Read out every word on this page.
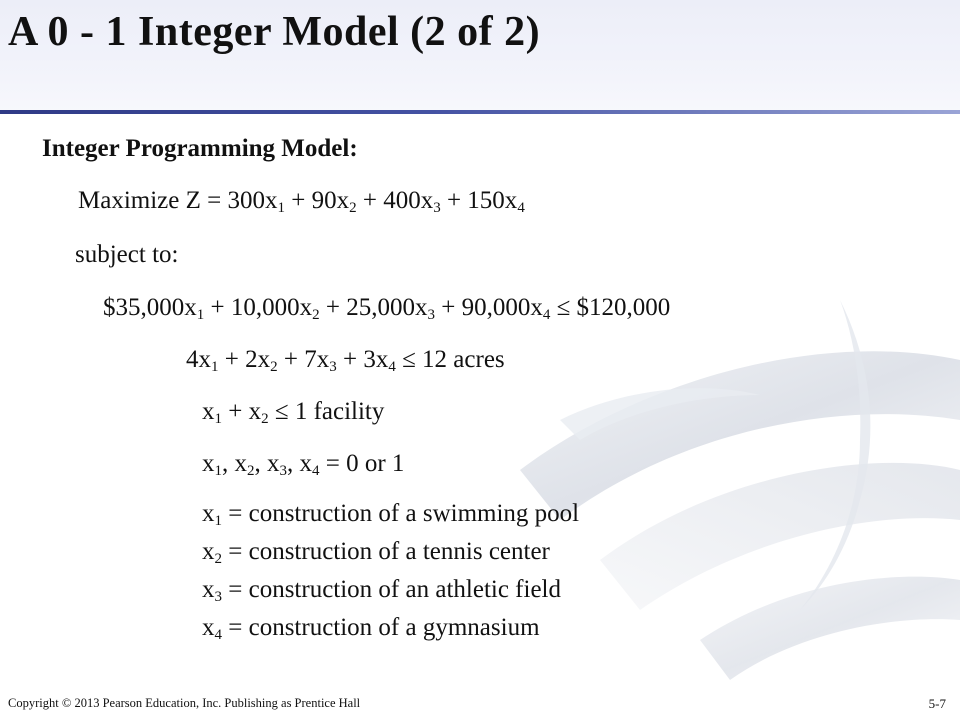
A 0 - 1 Integer Model (2 of 2)
Integer Programming Model:
Maximize $Z = 300x_1 + 90x_2 + 400x_3 + 150x_4$
subject to:
$\$35,000x_1 + 10,000x_2 + 25,000x_3 + 90,000x_4$ ≤ $120,000
$4x_1 + 2x_2 + 7x_3 + 3x_4 \le 12$ acres
$x_1 + x_2 \le 1$ facility
$x_1$, $x_2$, $x_3$, $x_4 = 0$ or 1
$x_1$ = construction of a swimming pool
$x_2$ = construction of a tennis center
$x_3$ = construction of an athletic field
$x_4$ = construction of a gymnasium
Copyright © 2013 Pearson Education, Inc. Publishing as Prentice Hall	5-7
